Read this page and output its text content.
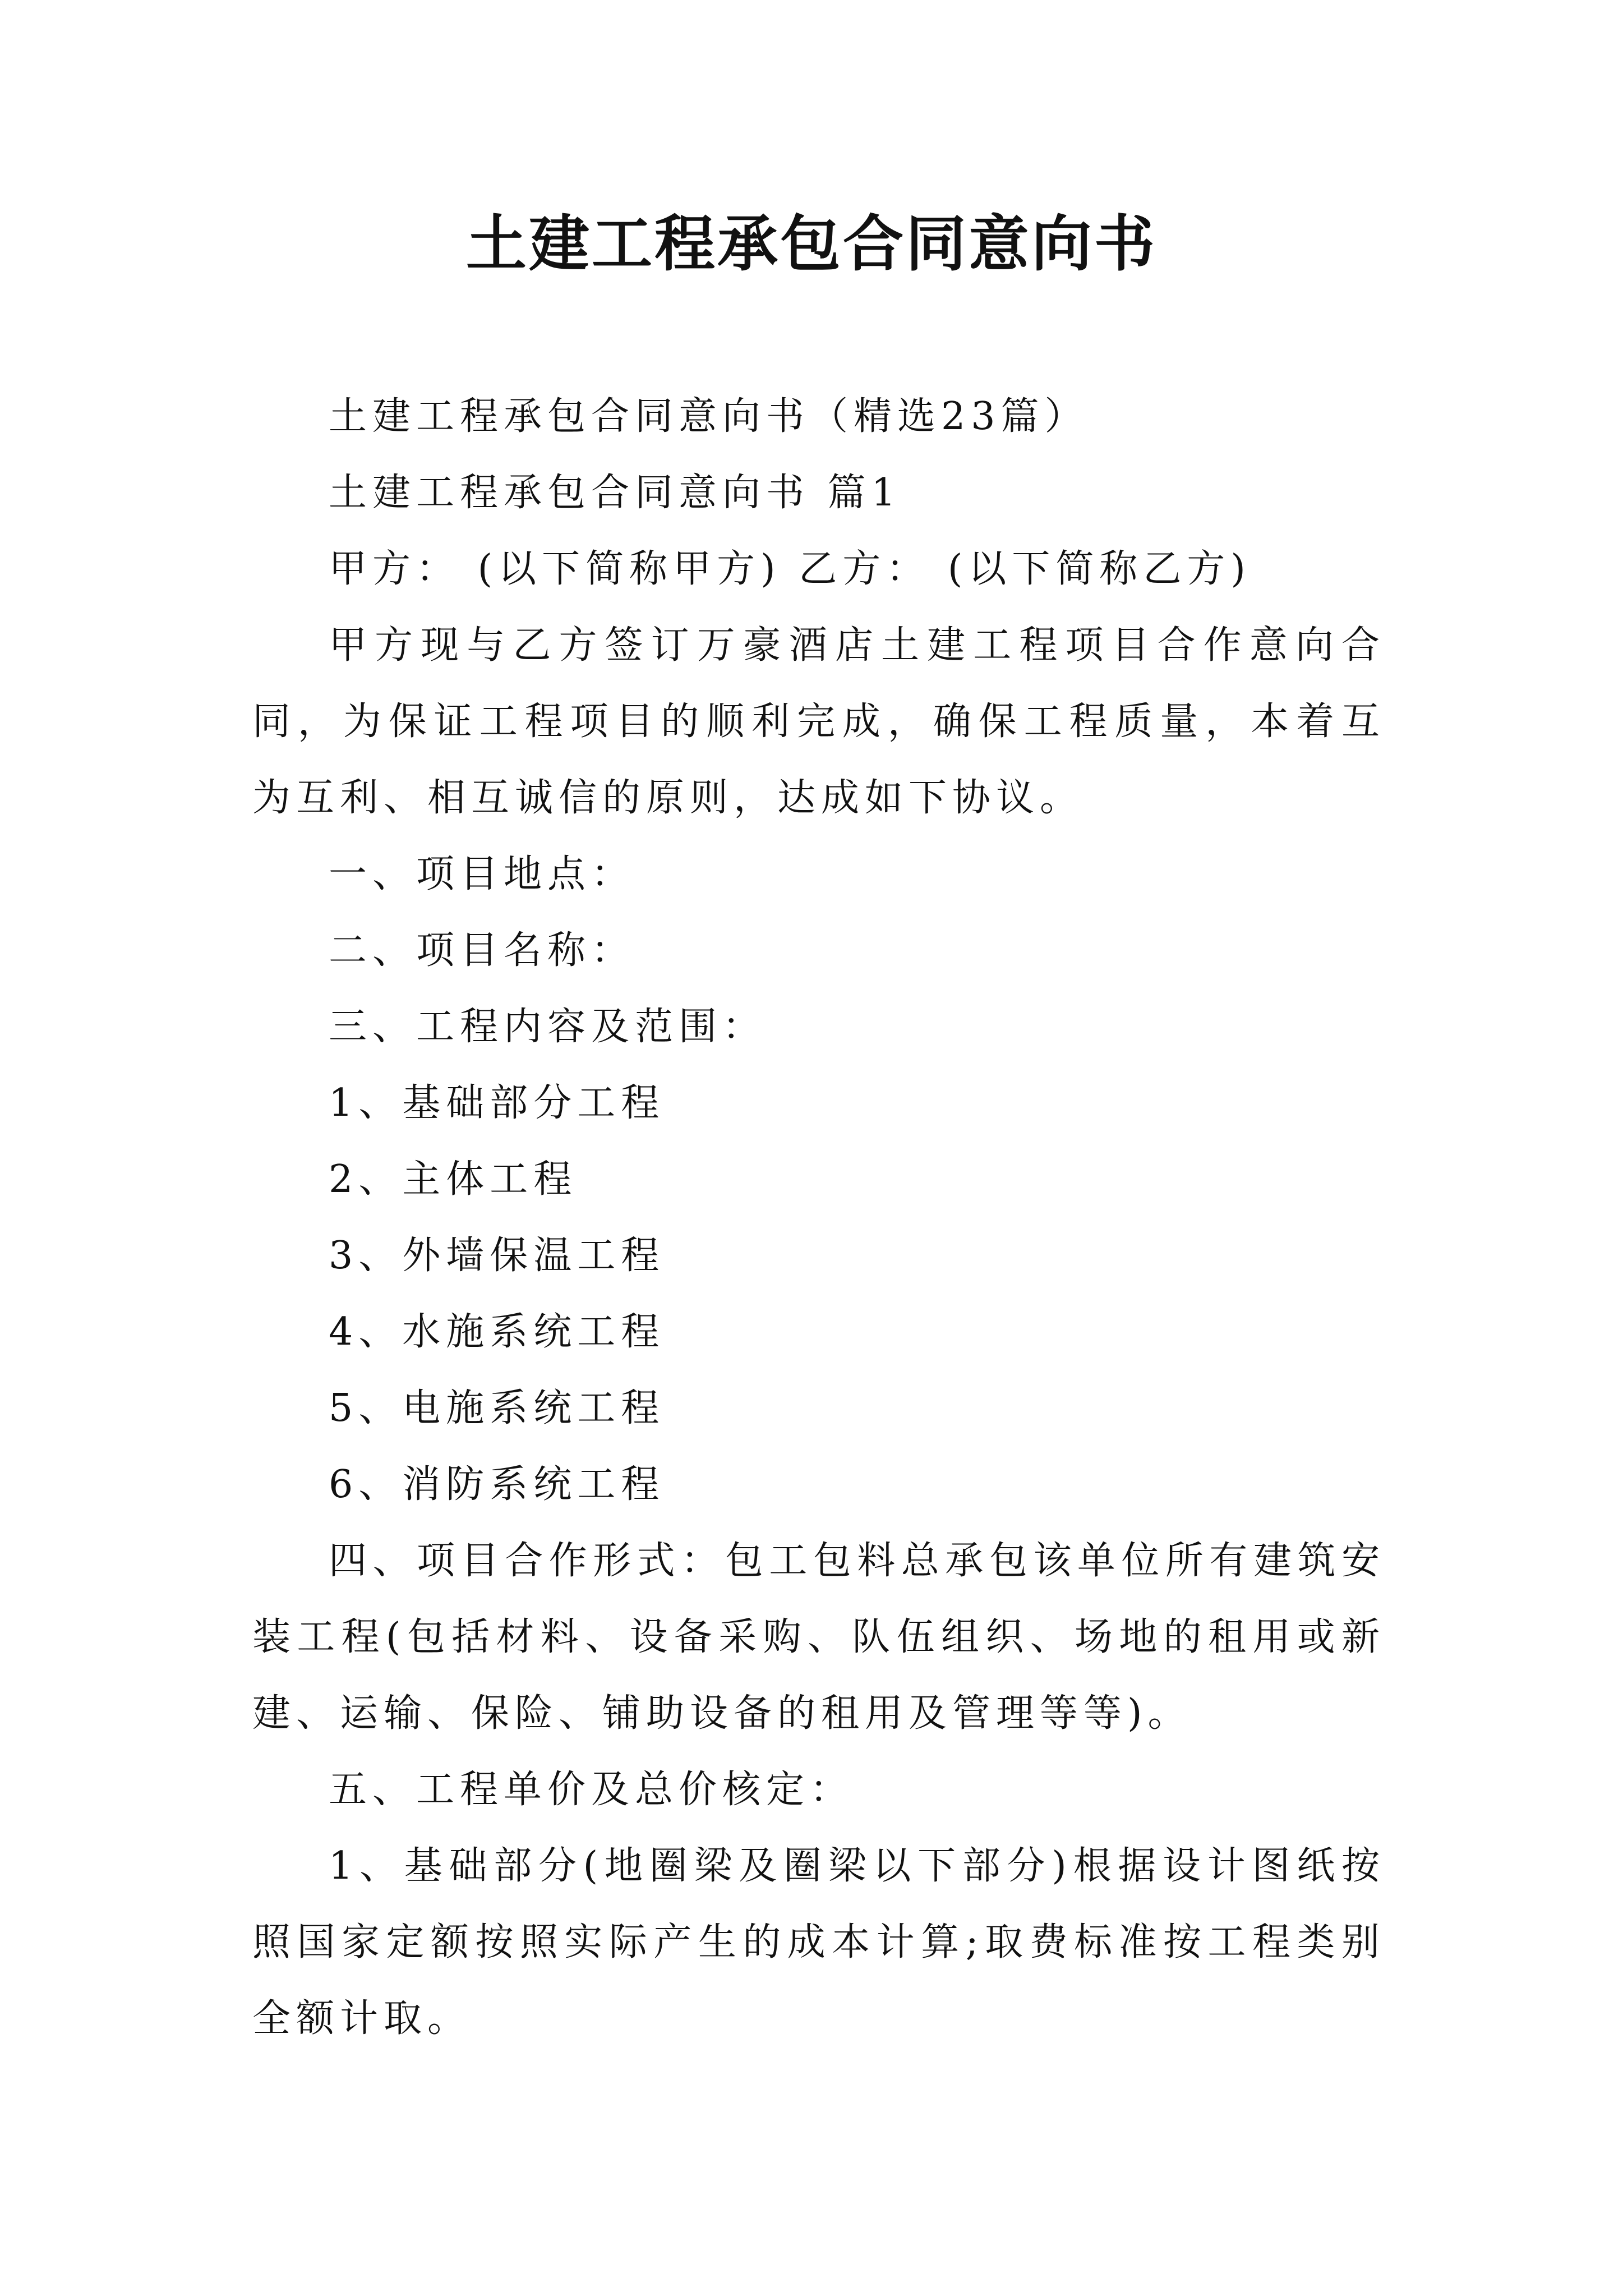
土建工程承包合同意向书

土建工程承包合同意向书（精选23篇）

土建工程承包合同意向书 篇1

甲方： (以下简称甲方) 乙方： (以下简称乙方)

甲方现与乙方签订万豪酒店土建工程项目合作意向合同，为保证工程项目的顺利完成，确保工程质量，本着互为互利、相互诚信的原则，达成如下协议。

一、项目地点：

二、项目名称：

三、工程内容及范围：

1、基础部分工程

2、主体工程

3、外墙保温工程

4、水施系统工程

5、电施系统工程

6、消防系统工程

四、项目合作形式：包工包料总承包该单位所有建筑安装工程(包括材料、设备采购、队伍组织、场地的租用或新建、运输、保险、铺助设备的租用及管理等等)。

五、工程单价及总价核定：

1、基础部分(地圈梁及圈梁以下部分)根据设计图纸按照国家定额按照实际产生的成本计算;取费标准按工程类别全额计取。
